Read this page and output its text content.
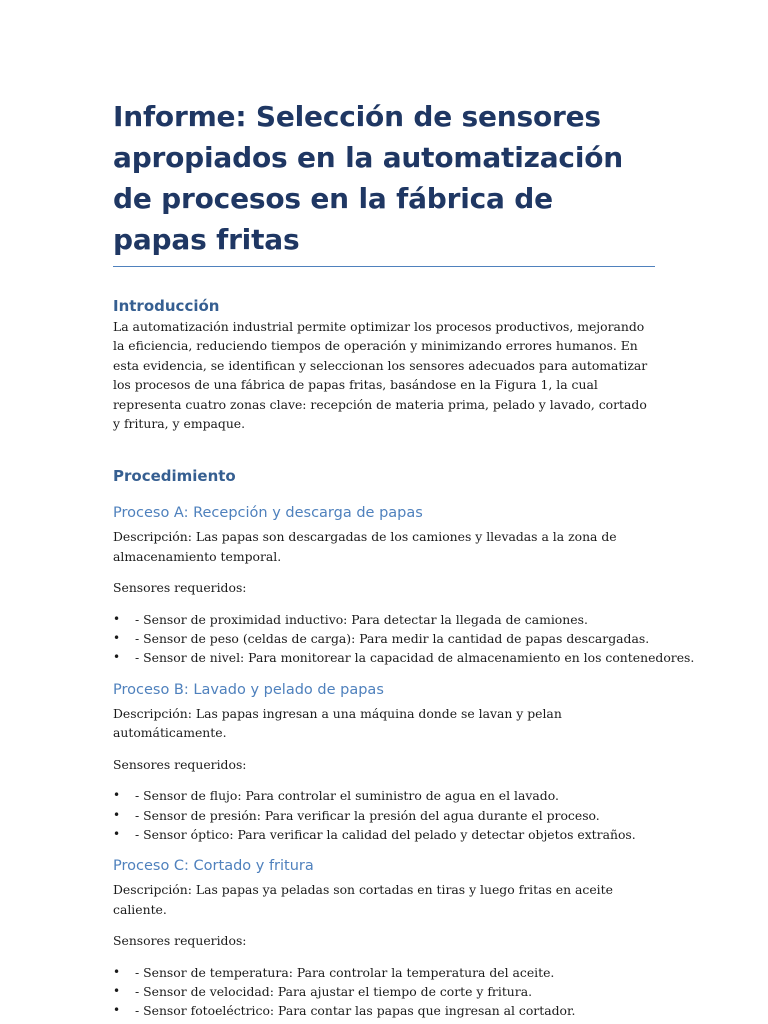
Informe: Selección de sensores apropiados en la automatización de procesos en la fábrica de papas fritas
Introducción

La automatización industrial permite optimizar los procesos productivos, mejorando la eficiencia, reduciendo tiempos de operación y minimizando errores humanos. En esta evidencia, se identifican y seleccionan los sensores adecuados para automatizar los procesos de una fábrica de papas fritas, basándose en la Figura 1, la cual representa cuatro zonas clave: recepción de materia prima, pelado y lavado, cortado y fritura, y empaque.

Procedimiento
Proceso A: Recepción y descarga de papas

Descripción: Las papas son descargadas de los camiones y llevadas a la zona de almacenamiento temporal.

Sensores requeridos:

• - Sensor de proximidad inductivo: Para detectar la llegada de camiones.
• - Sensor de peso (celdas de carga): Para medir la cantidad de papas descargadas.
• - Sensor de nivel: Para monitorear la capacidad de almacenamiento en los contenedores.
Proceso B: Lavado y pelado de papas

Descripción: Las papas ingresan a una máquina donde se lavan y pelan automáticamente.

Sensores requeridos:

• - Sensor de flujo: Para controlar el suministro de agua en el lavado.
• - Sensor de presión: Para verificar la presión del agua durante el proceso.
• - Sensor óptico: Para verificar la calidad del pelado y detectar objetos extraños.
Proceso C: Cortado y fritura

Descripción: Las papas ya peladas son cortadas en tiras y luego fritas en aceite caliente.

Sensores requeridos:

• - Sensor de temperatura: Para controlar la temperatura del aceite.
• - Sensor de velocidad: Para ajustar el tiempo de corte y fritura.
• - Sensor fotoeléctrico: Para contar las papas que ingresan al cortador.
